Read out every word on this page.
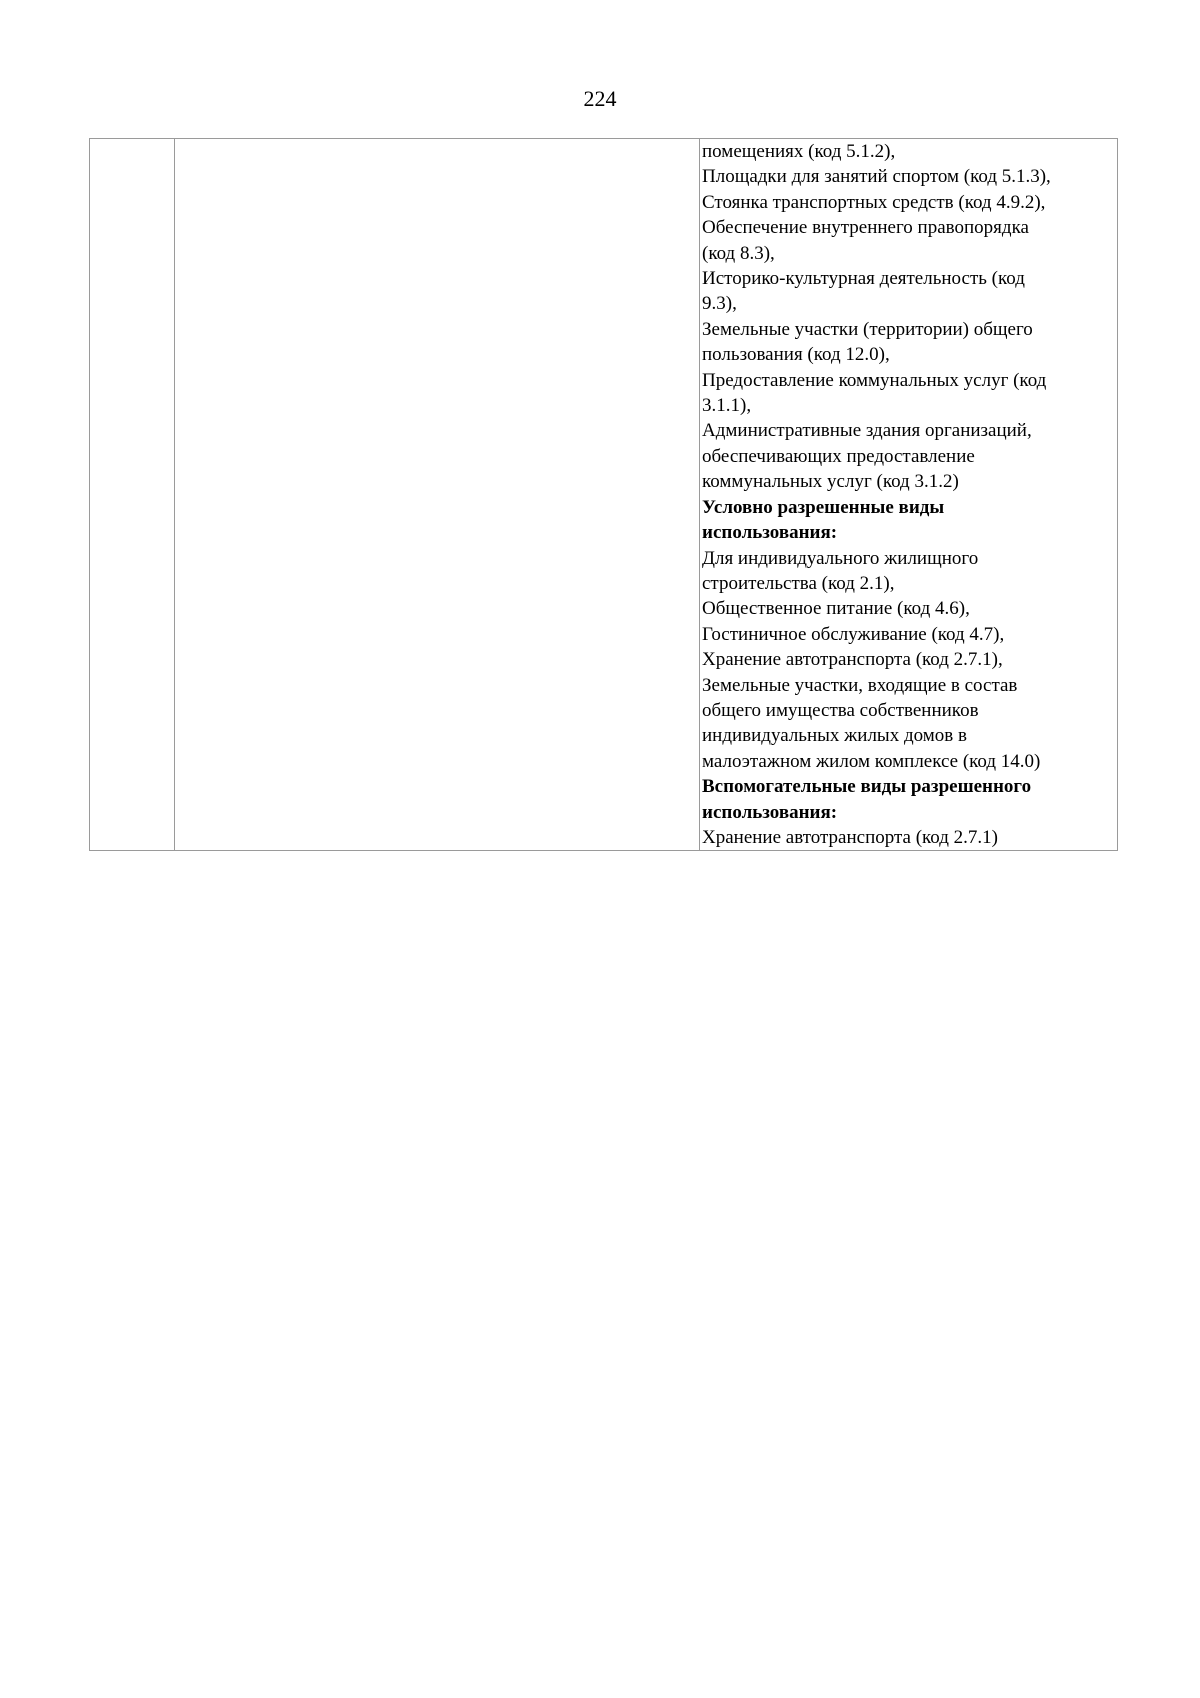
224

помещениях (код 5.1.2),
Площадки для занятий спортом (код 5.1.3),
Стоянка транспортных средств (код 4.9.2),
Обеспечение внутреннего правопорядка
(код 8.3),
Историко-культурная деятельность (код
9.3),
Земельные участки (территории) общего
пользования (код 12.0),
Предоставление коммунальных услуг (код
3.1.1),
Административные здания организаций,
обеспечивающих предоставление
коммунальных услуг (код 3.1.2)
Условно разрешенные виды
использования:
Для индивидуального жилищного
строительства (код 2.1),
Общественное питание (код 4.6),
Гостиничное обслуживание (код 4.7),
Хранение автотранспорта (код 2.7.1),
Земельные участки, входящие в состав
общего имущества собственников
индивидуальных жилых домов в
малоэтажном жилом комплексе (код 14.0)
Вспомогательные виды разрешенного
использования:
Хранение автотранспорта (код 2.7.1)
